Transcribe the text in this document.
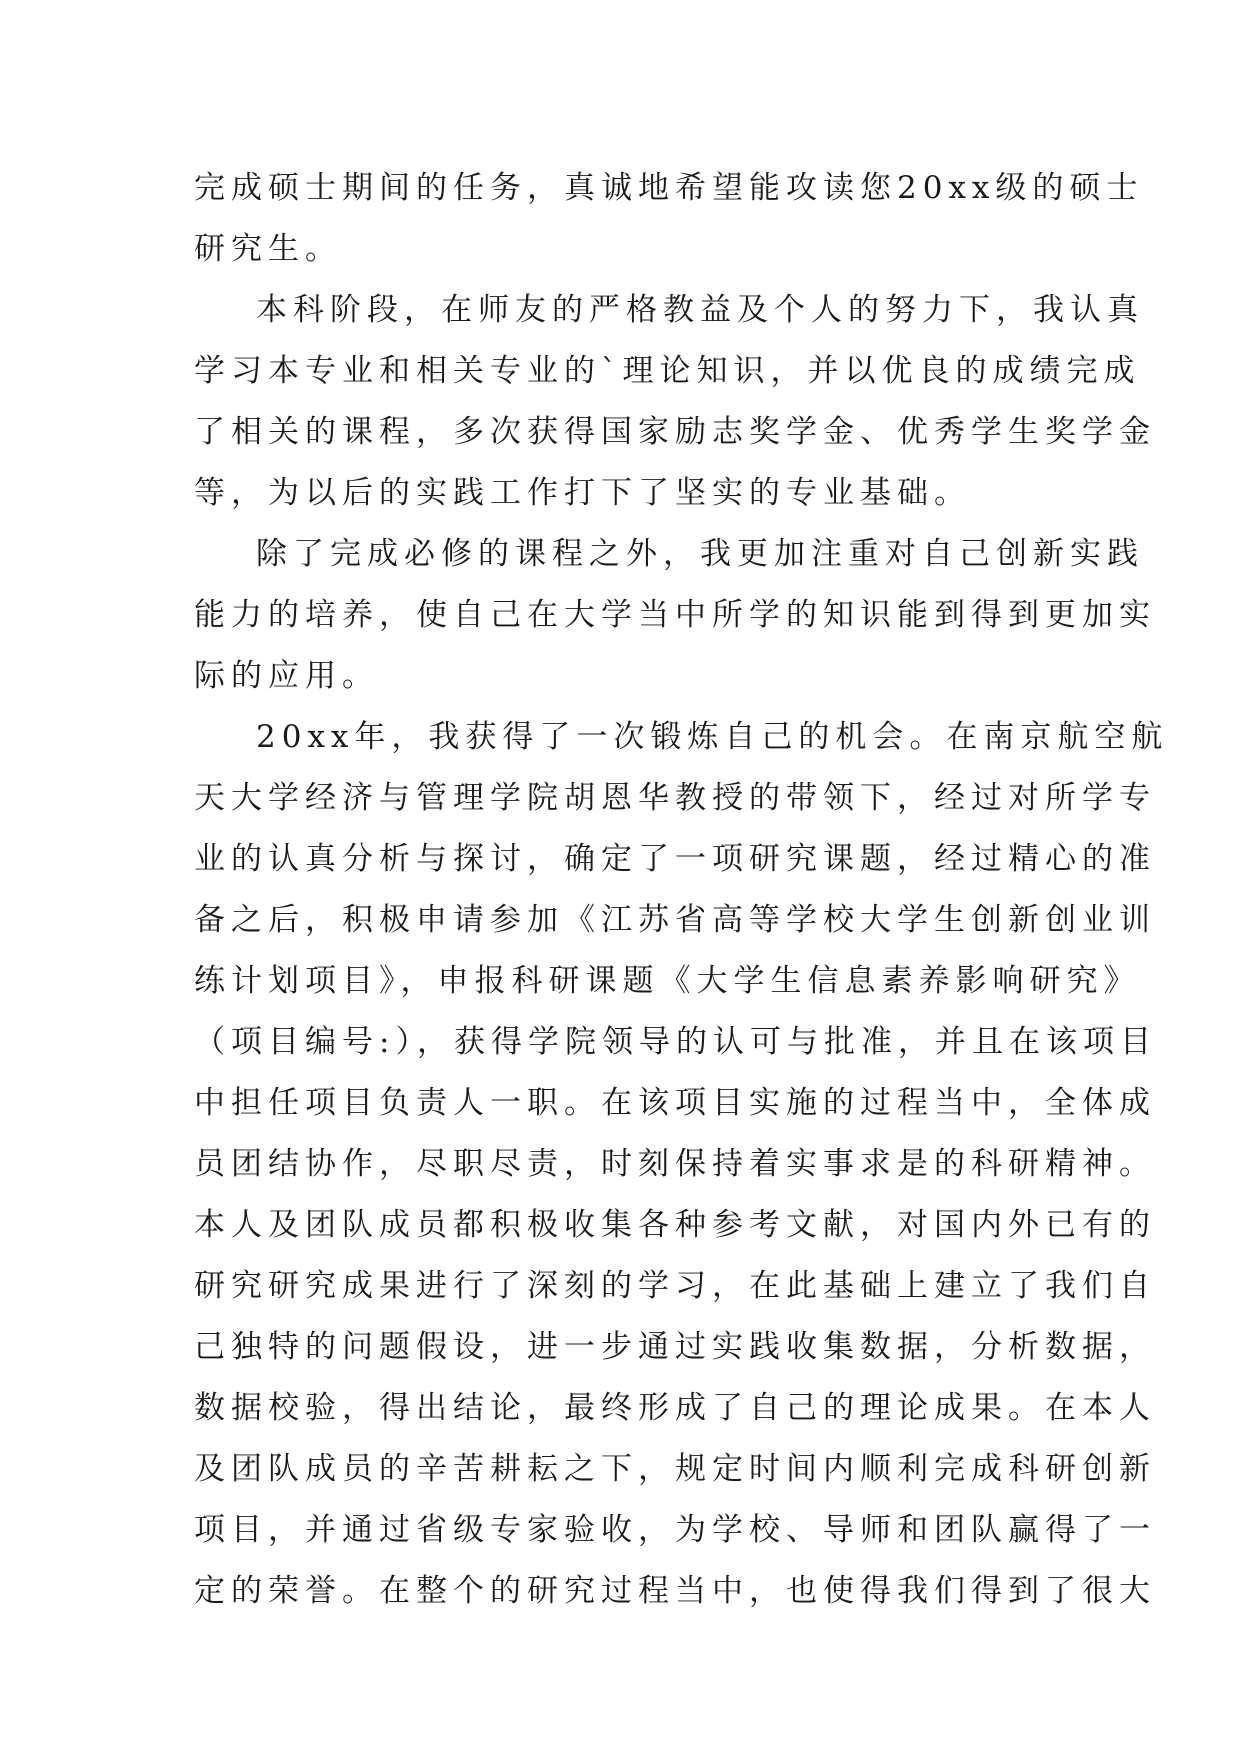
完成硕士期间的任务，真诚地希望能攻读您20xx级的硕士
研究生。
本科阶段，在师友的严格教益及个人的努力下，我认真
学习本专业和相关专业的`理论知识，并以优良的成绩完成
了相关的课程，多次获得国家励志奖学金、优秀学生奖学金
等，为以后的实践工作打下了坚实的专业基础。
除了完成必修的课程之外，我更加注重对自己创新实践
能力的培养，使自己在大学当中所学的知识能到得到更加实
际的应用。
20xx年，我获得了一次锻炼自己的机会。在南京航空航
天大学经济与管理学院胡恩华教授的带领下，经过对所学专
业的认真分析与探讨，确定了一项研究课题，经过精心的准
备之后，积极申请参加《江苏省高等学校大学生创新创业训
练计划项目》，申报科研课题《大学生信息素养影响研究》
（项目编号:），获得学院领导的认可与批准，并且在该项目
中担任项目负责人一职。在该项目实施的过程当中，全体成
员团结协作，尽职尽责，时刻保持着实事求是的科研精神。
本人及团队成员都积极收集各种参考文献，对国内外已有的
研究研究成果进行了深刻的学习，在此基础上建立了我们自
己独特的问题假设，进一步通过实践收集数据，分析数据，
数据校验，得出结论，最终形成了自己的理论成果。在本人
及团队成员的辛苦耕耘之下，规定时间内顺利完成科研创新
项目，并通过省级专家验收，为学校、导师和团队赢得了一
定的荣誉。在整个的研究过程当中，也使得我们得到了很大
